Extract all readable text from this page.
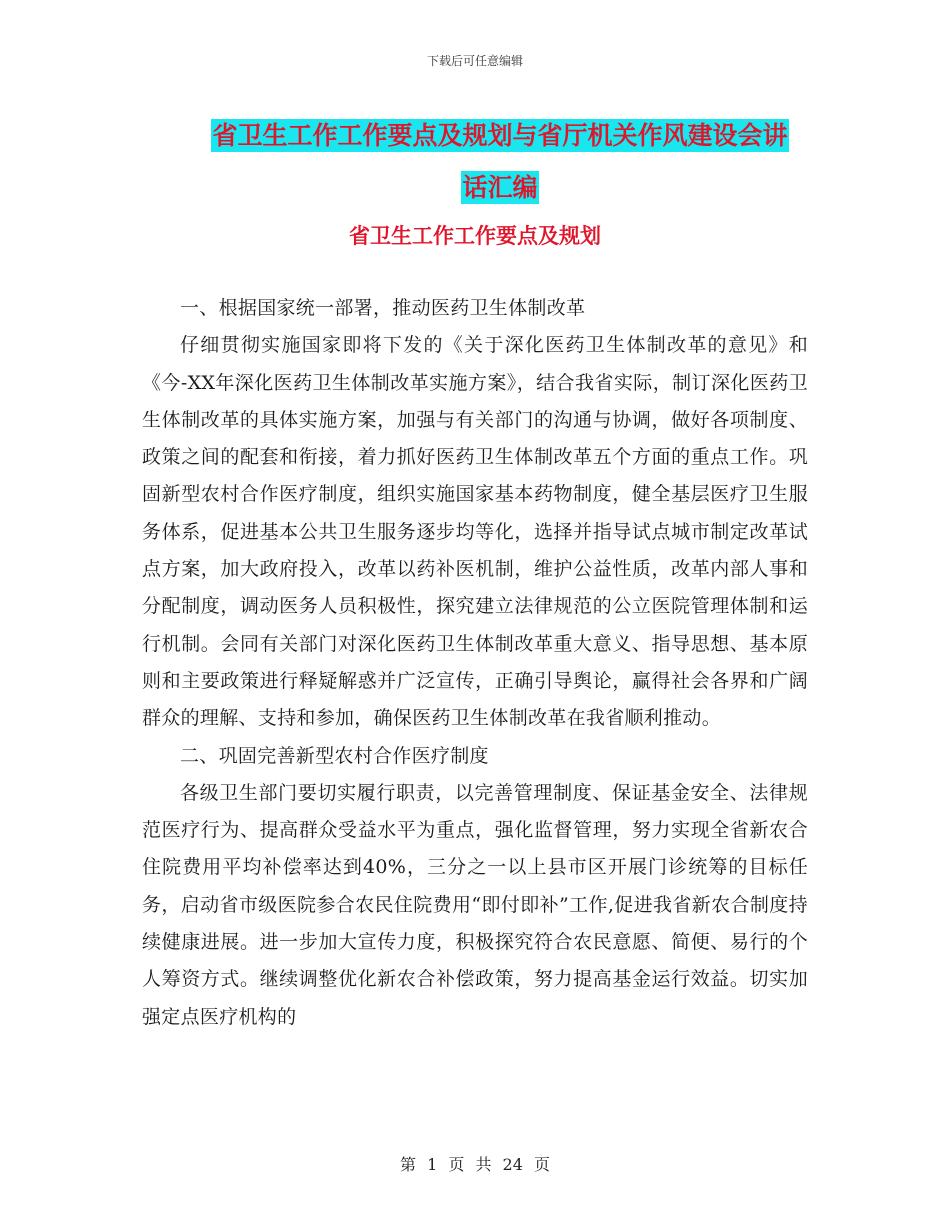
下载后可任意编辑
省卫生工作工作要点及规划与省厅机关作风建设会讲
话汇编
省卫生工作工作要点及规划

一、根据国家统一部署，推动医药卫生体制改革

仔细贯彻实施国家即将下发的《关于深化医药卫生体制改革的意见》和《今-XX年深化医药卫生体制改革实施方案》，结合我省实际，制订深化医药卫生体制改革的具体实施方案，加强与有关部门的沟通与协调，做好各项制度、政策之间的配套和衔接，着力抓好医药卫生体制改革五个方面的重点工作。巩固新型农村合作医疗制度，组织实施国家基本药物制度，健全基层医疗卫生服务体系，促进基本公共卫生服务逐步均等化，选择并指导试点城市制定改革试点方案，加大政府投入，改革以药补医机制，维护公益性质，改革内部人事和分配制度，调动医务人员积极性，探究建立法律规范的公立医院管理体制和运行机制。会同有关部门对深化医药卫生体制改革重大意义、指导思想、基本原则和主要政策进行释疑解惑并广泛宣传，正确引导舆论，赢得社会各界和广阔群众的理解、支持和参加，确保医药卫生体制改革在我省顺利推动。

二、巩固完善新型农村合作医疗制度

各级卫生部门要切实履行职责，以完善管理制度、保证基金安全、法律规范医疗行为、提高群众受益水平为重点，强化监督管理，努力实现全省新农合住院费用平均补偿率达到40%，三分之一以上县市区开展门诊统筹的目标任务，启动省市级医院参合农民住院费用“即付即补”工作,促进我省新农合制度持续健康进展。进一步加大宣传力度，积极探究符合农民意愿、简便、易行的个人筹资方式。继续调整优化新农合补偿政策，努力提高基金运行效益。切实加强定点医疗机构的

第 1 页 共 24 页
